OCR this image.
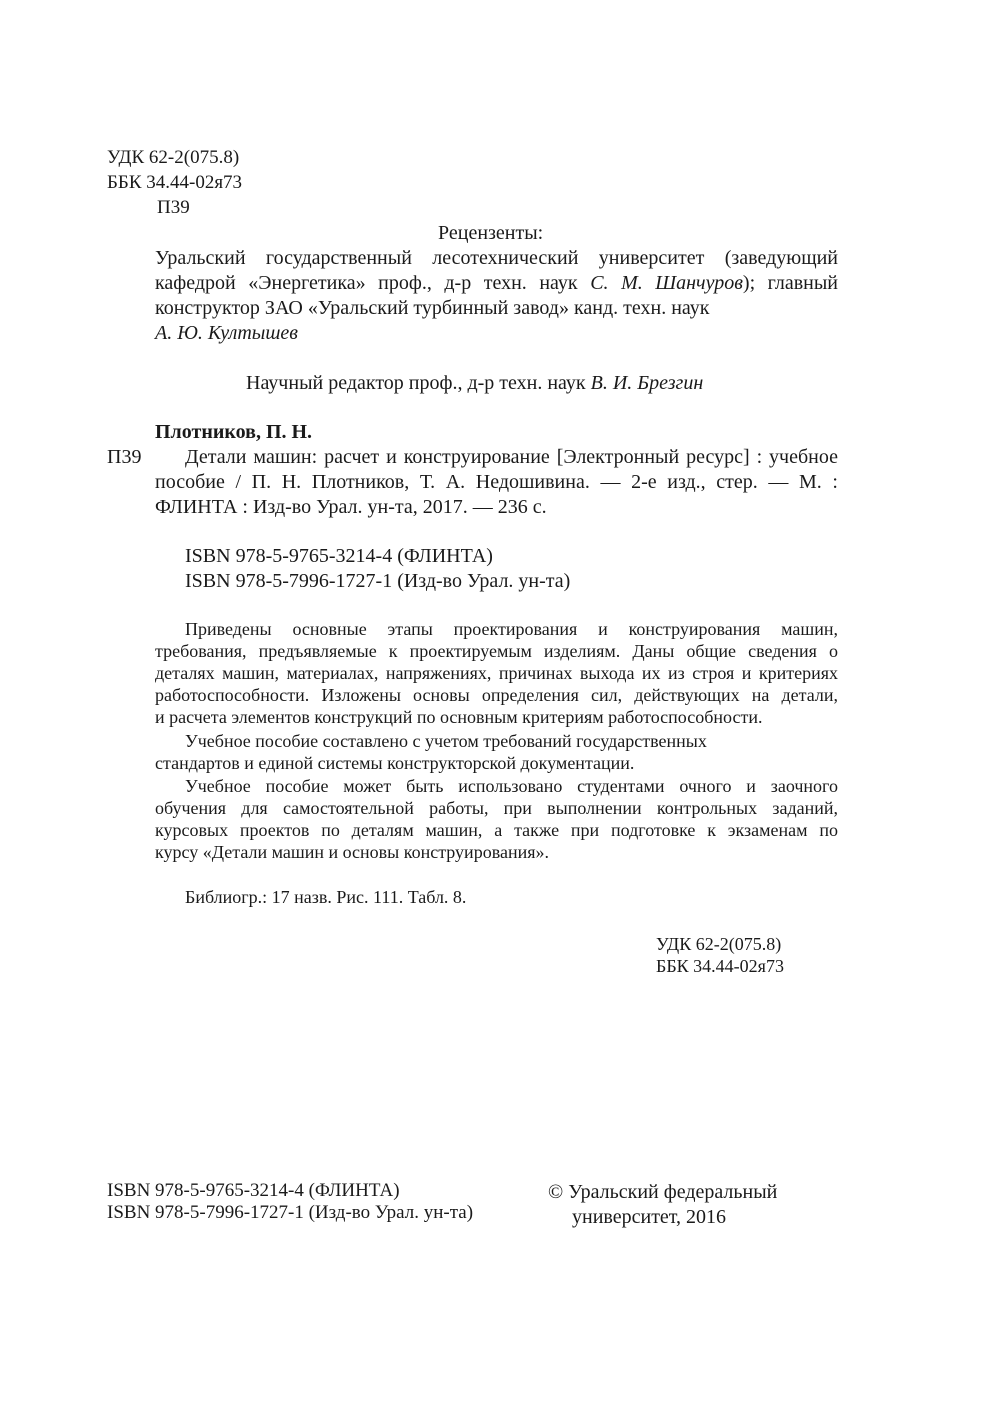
УДК 62-2(075.8)
ББК 34.44-02я73
П39
Рецензенты:
Уральский государственный лесотехнический университет (заведующий
кафедрой «Энергетика» проф., д-р техн. наук С. М. Шанчуров); главный
конструктор ЗАО «Уральский турбинный завод» канд. техн. наук
А. Ю. Култышев
Научный редактор проф., д-р техн. наук В. И. Брезгин
Плотников, П. Н.
П39 Детали машин: расчет и конструирование [Электронный ресурс] : учебное
пособие / П. Н. Плотников, Т. А. Недошивина. — 2-е изд., стер. — М. :
ФЛИНТА : Изд-во Урал. ун-та, 2017. — 236 с.
ISBN 978-5-9765-3214-4 (ФЛИНТА)
ISBN 978-5-7996-1727-1 (Изд-во Урал. ун-та)
Приведены основные этапы проектирования и конструирования машин,
требования, предъявляемые к проектируемым изделиям. Даны общие сведения о
деталях машин, материалах, напряжениях, причинах выхода их из строя и критериях
работоспособности. Изложены основы определения сил, действующих на детали,
и расчета элементов конструкций по основным критериям работоспособности.
Учебное пособие составлено с учетом требований государственных
стандартов и единой системы конструкторской документации.
Учебное пособие может быть использовано студентами очного и заочного
обучения для самостоятельной работы, при выполнении контрольных заданий,
курсовых проектов по деталям машин, а также при подготовке к экзаменам по
курсу «Детали машин и основы конструирования».
Библиогр.: 17 назв. Рис. 111. Табл. 8.
УДК 62-2(075.8)
ББК 34.44-02я73
ISBN 978-5-9765-3214-4 (ФЛИНТА)
ISBN 978-5-7996-1727-1 (Изд-во Урал. ун-та)
© Уральский федеральный
университет, 2016
